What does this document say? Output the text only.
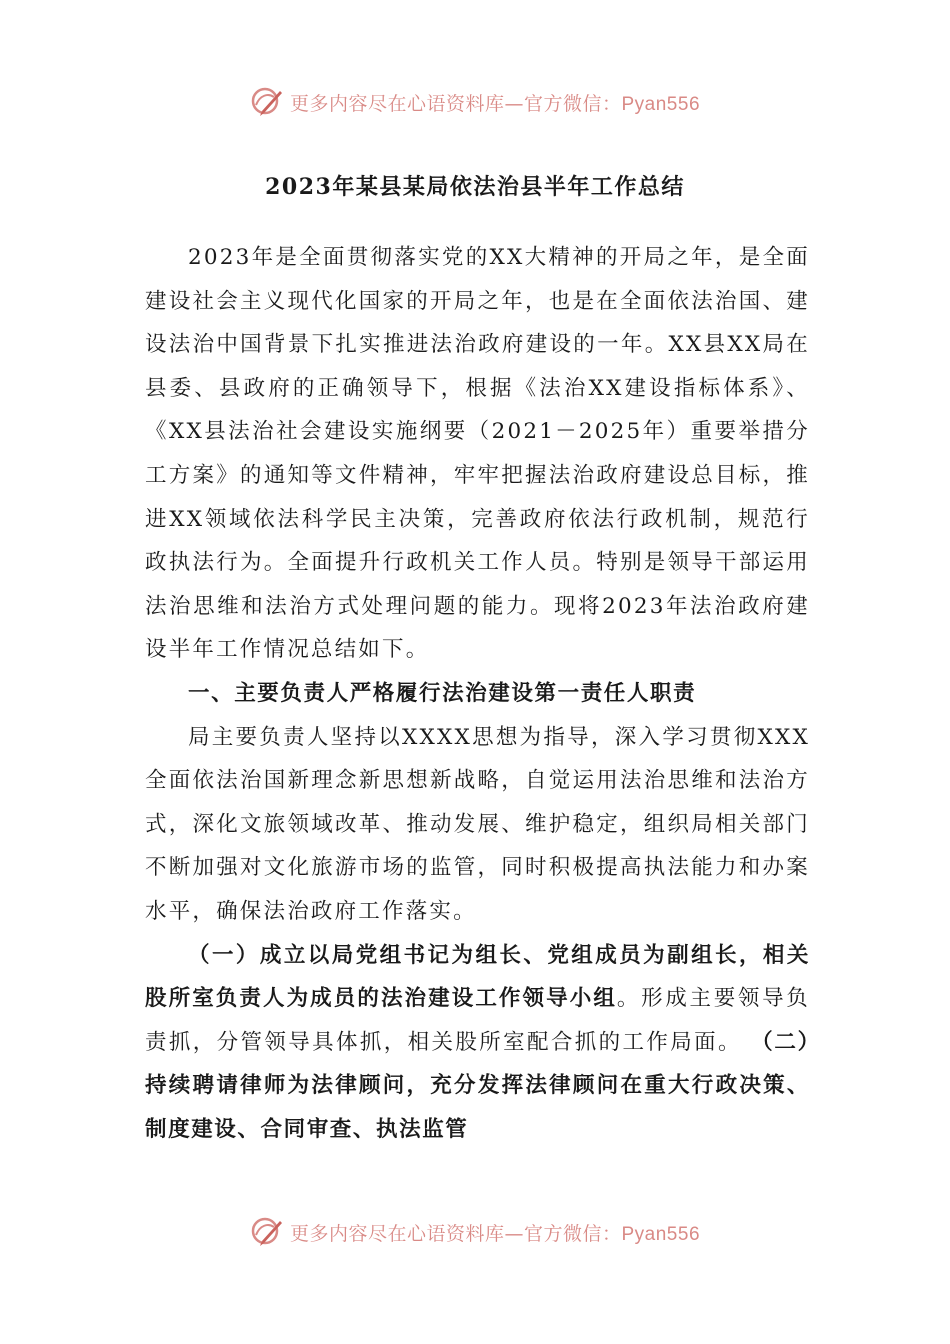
更多内容尽在心语资料库—官方微信：Pyan556
2023年某县某局依法治县半年工作总结

2023年是全面贯彻落实党的XX大精神的开局之年，是全面建设社会主义现代化国家的开局之年，也是在全面依法治国、建设法治中国背景下扎实推进法治政府建设的一年。XX县XX局在县委、县政府的正确领导下，根据《法治XX建设指标体系》、《XX县法治社会建设实施纲要（2021－2025年）重要举措分工方案》的通知等文件精神，牢牢把握法治政府建设总目标，推进XX领域依法科学民主决策，完善政府依法行政机制，规范行政执法行为。全面提升行政机关工作人员。特别是领导干部运用法治思维和法治方式处理问题的能力。现将2023年法治政府建设半年工作情况总结如下。

一、主要负责人严格履行法治建设第一责任人职责

局主要负责人坚持以XXXX思想为指导，深入学习贯彻XXX全面依法治国新理念新思想新战略，自觉运用法治思维和法治方式，深化文旅领域改革、推动发展、维护稳定，组织局相关部门不断加强对文化旅游市场的监管，同时积极提高执法能力和办案水平，确保法治政府工作落实。

（一）成立以局党组书记为组长、党组成员为副组长，相关股所室负责人为成员的法治建设工作领导小组。形成主要领导负责抓，分管领导具体抓，相关股所室配合抓的工作局面。 （二）持续聘请律师为法律顾问，充分发挥法律顾问在重大行政决策、制度建设、合同审查、执法监管

更多内容尽在心语资料库—官方微信：Pyan556
